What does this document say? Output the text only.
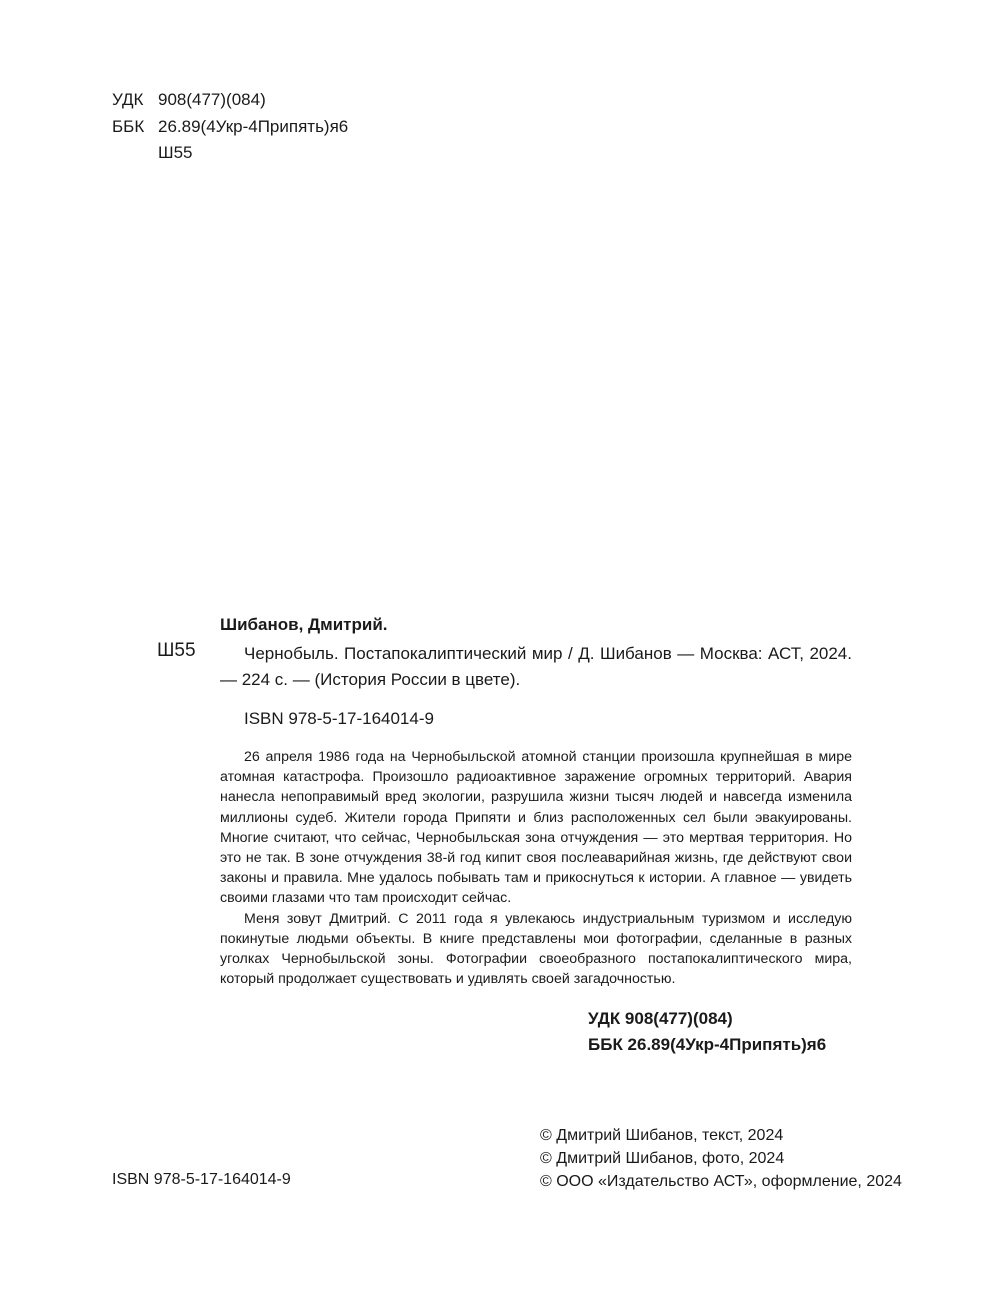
УДК 908(477)(084)
ББК 26.89(4Укр-4Припять)я6
Ш55
Шибанов, Дмитрий.
Ш55	Чернобыль. Постапокалиптический мир / Д. Шибанов — Москва: АСТ, 2024. — 224 с. — (История России в цвете).
ISBN 978-5-17-164014-9

26 апреля 1986 года на Чернобыльской атомной станции произошла крупнейшая в мире атомная катастрофа. Произошло радиоактивное заражение огромных территорий. Авария нанесла непоправимый вред экологии, разрушила жизни тысяч людей и навсегда изменила миллионы судеб. Жители города Припяти и близ расположенных сел были эвакуированы. Многие считают, что сейчас, Чернобыльская зона отчуждения — это мертвая территория. Но это не так. В зоне отчуждения 38-й год кипит своя послеаварийная жизнь, где действуют свои законы и правила. Мне удалось побывать там и прикоснуться к истории. А главное — увидеть своими глазами что там происходит сейчас.

Меня зовут Дмитрий. С 2011 года я увлекаюсь индустриальным туризмом и исследую покинутые людьми объекты. В книге представлены мои фотографии, сделанные в разных уголках Чернобыльской зоны. Фотографии своеобразного постапокалиптического мира, который продолжает существовать и удивлять своей загадочностью.

УДК 908(477)(084)
ББК 26.89(4Укр-4Припять)я6
© Дмитрий Шибанов, текст, 2024
© Дмитрий Шибанов, фото, 2024
© ООО «Издательство АСТ», оформление, 2024
ISBN 978-5-17-164014-9
